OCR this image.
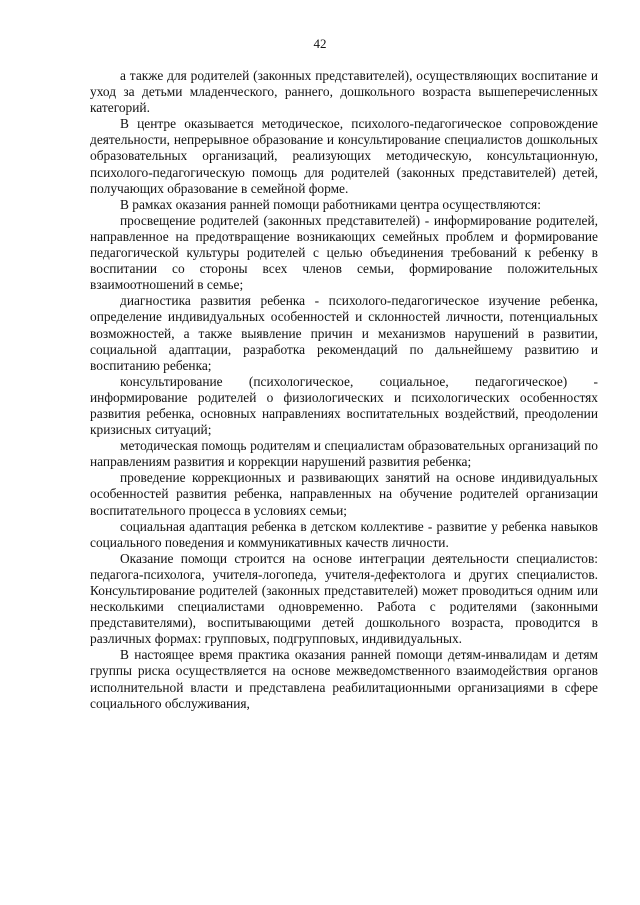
42

а также для родителей (законных представителей), осуществляющих воспитание и уход за детьми младенческого, раннего, дошкольного возраста вышеперечисленных категорий.

В центре оказывается методическое, психолого-педагогическое сопровождение деятельности, непрерывное образование и консультирование специалистов дошкольных образовательных организаций, реализующих методическую, консультационную, психолого-педагогическую помощь для родителей (законных представителей) детей, получающих образование в семейной форме.

В рамках оказания ранней помощи работниками центра осуществляются:

просвещение родителей (законных представителей) - информирование родителей, направленное на предотвращение возникающих семейных проблем и формирование педагогической культуры родителей с целью объединения требований к ребенку в воспитании со стороны всех членов семьи, формирование положительных взаимоотношений в семье;

диагностика развития ребенка - психолого-педагогическое изучение ребенка, определение индивидуальных особенностей и склонностей личности, потенциальных возможностей, а также выявление причин и механизмов нарушений в развитии, социальной адаптации, разработка рекомендаций по дальнейшему развитию и воспитанию ребенка;

консультирование (психологическое, социальное, педагогическое) - информирование родителей о физиологических и психологических особенностях развития ребенка, основных направлениях воспитательных воздействий, преодолении кризисных ситуаций;

методическая помощь родителям и специалистам образовательных организаций по направлениям развития и коррекции нарушений развития ребенка;

проведение коррекционных и развивающих занятий на основе индивидуальных особенностей развития ребенка, направленных на обучение родителей организации воспитательного процесса в условиях семьи;

социальная адаптация ребенка в детском коллективе - развитие у ребенка навыков социального поведения и коммуникативных качеств личности.

Оказание помощи строится на основе интеграции деятельности специалистов: педагога-психолога, учителя-логопеда, учителя-дефектолога и других специалистов. Консультирование родителей (законных представителей) может проводиться одним или несколькими специалистами одновременно. Работа с родителями (законными представителями), воспитывающими детей дошкольного возраста, проводится в различных формах: групповых, подгрупповых, индивидуальных.

В настоящее время практика оказания ранней помощи детям-инвалидам и детям группы риска осуществляется на основе межведомственного взаимодействия органов исполнительной власти и представлена реабилитационными организациями в сфере социального обслуживания,
